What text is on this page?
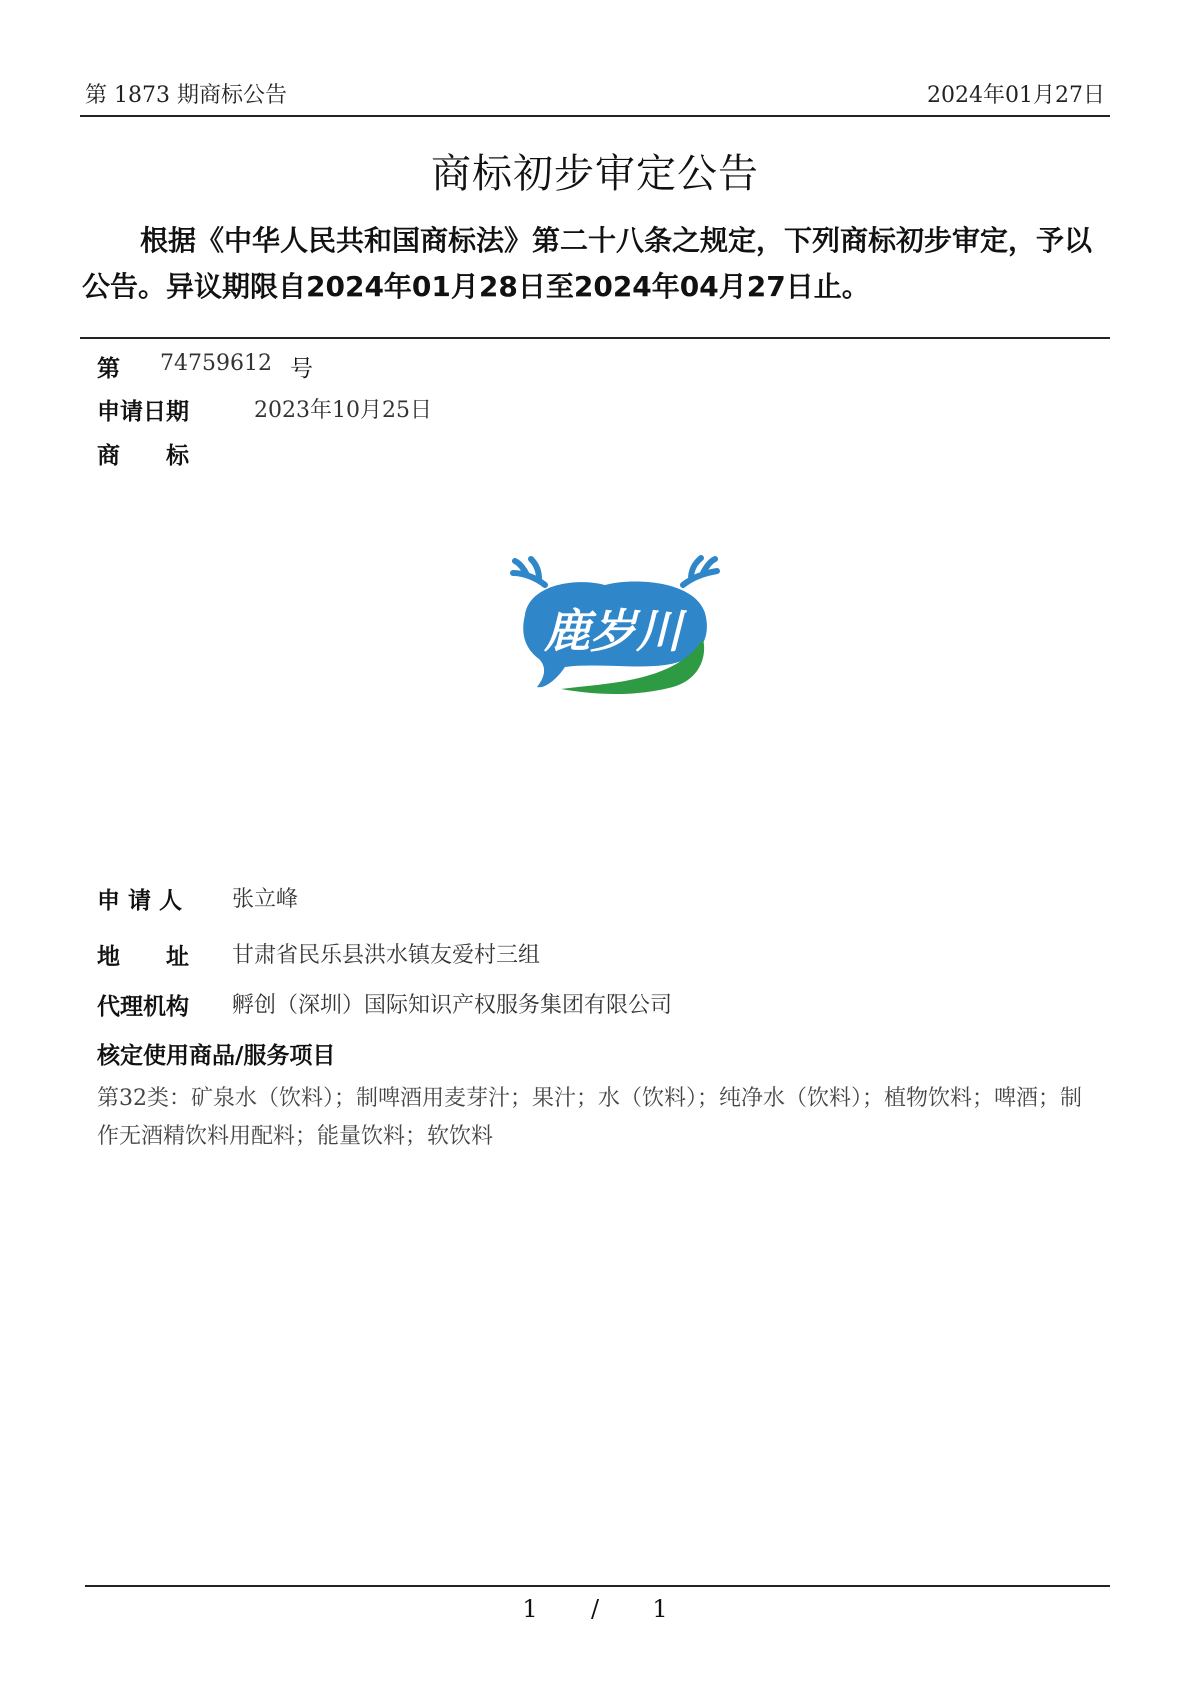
第 1873 期商标公告	2024年01月27日
商标初步审定公告
根据《中华人民共和国商标法》第二十八条之规定，下列商标初步审定，予以公告。异议期限自2024年01月28日至2024年04月27日止。
第 74759612 号
申请日期	2023年10月25日
商　　标
鹿岁川
申 请 人 张立峰
地　　址 甘肃省民乐县洪水镇友爱村三组
代理机构 孵创（深圳）国际知识产权服务集团有限公司
核定使用商品/服务项目
第32类：矿泉水（饮料）；制啤酒用麦芽汁；果汁；水（饮料）；纯净水（饮料）；植物饮料；啤酒；制作无酒精饮料用配料；能量饮料；软饮料
1 / 1
